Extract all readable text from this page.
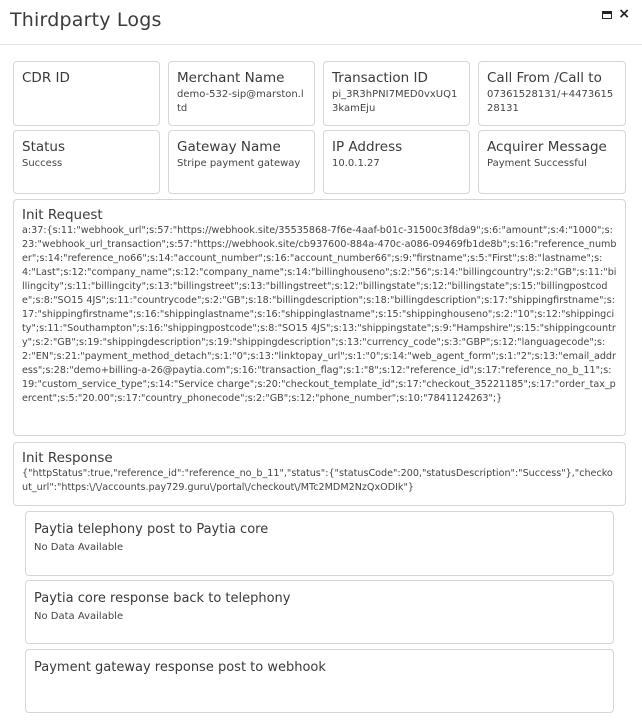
Thirdparty Logs	×
CDR ID	Merchant Name
demo-532-sip@marston.ltd
Transaction ID
pi_3R3hPNI7MED0vxUQ13kamEju
Call From /Call to
07361528131/+447361528131
Status
Success
Gateway Name
Stripe payment gateway
IP Address
10.0.1.27
Acquirer Message
Payment Successful
Init Request
a:37:{s:11:"webhook_url";s:57:"https://webhook.site/35535868-7f6e-4aaf-b01c-31500c3f8da9";s:6:"amount";s:4:"1000";s:23:"webhook_url_transaction";s:57:"https://webhook.site/cb937600-884a-470c-a086-09469fb1de8b";s:16:"reference_number";s:14:"reference_no66";s:14:"account_number";s:16:"account_number66";s:9:"firstname";s:5:"First";s:8:"lastname";s:4:"Last";s:12:"company_name";s:12:"company_name";s:14:"billinghouseno";s:2:"56";s:14:"billingcountry";s:2:"GB";s:11:"billingcity";s:11:"billingcity";s:13:"billingstreet";s:13:"billingstreet";s:12:"billingstate";s:12:"billingstate";s:15:"billingpostcode";s:8:"SO15 4JS";s:11:"countrycode";s:2:"GB";s:18:"billingdescription";s:18:"billingdescription";s:17:"shippingfirstname";s:17:"shippingfirstname";s:16:"shippinglastname";s:16:"shippinglastname";s:15:"shippinghouseno";s:2:"10";s:12:"shippingcity";s:11:"Southampton";s:16:"shippingpostcode";s:8:"SO15 4JS";s:13:"shippingstate";s:9:"Hampshire";s:15:"shippingcountry";s:2:"GB";s:19:"shippingdescription";s:19:"shippingdescription";s:13:"currency_code";s:3:"GBP";s:12:"languagecode";s:2:"EN";s:21:"payment_method_detach";s:1:"0";s:13:"linktopay_url";s:1:"0";s:14:"web_agent_form";s:1:"2";s:13:"email_address";s:28:"demo+billing-a-26@paytia.com";s:16:"transaction_flag";s:1:"8";s:12:"reference_id";s:17:"reference_no_b_11";s:19:"custom_service_type";s:14:"Service charge";s:20:"checkout_template_id";s:17:"checkout_35221185";s:17:"order_tax_percent";s:5:"20.00";s:17:"country_phonecode";s:2:"GB";s:12:"phone_number";s:10:"7841124263";}
Init Response
{"httpStatus":true,"reference_id":"reference_no_b_11","status":{"statusCode":200,"statusDescription":"Success"},"checkout_url":"https:\/\/accounts.pay729.guru\/portal\/checkout\/MTc2MDM2NzQxODIk"}
Paytia telephony post to Paytia core
No Data Available
Paytia core response back to telephony
No Data Available
Payment gateway response post to webhook
